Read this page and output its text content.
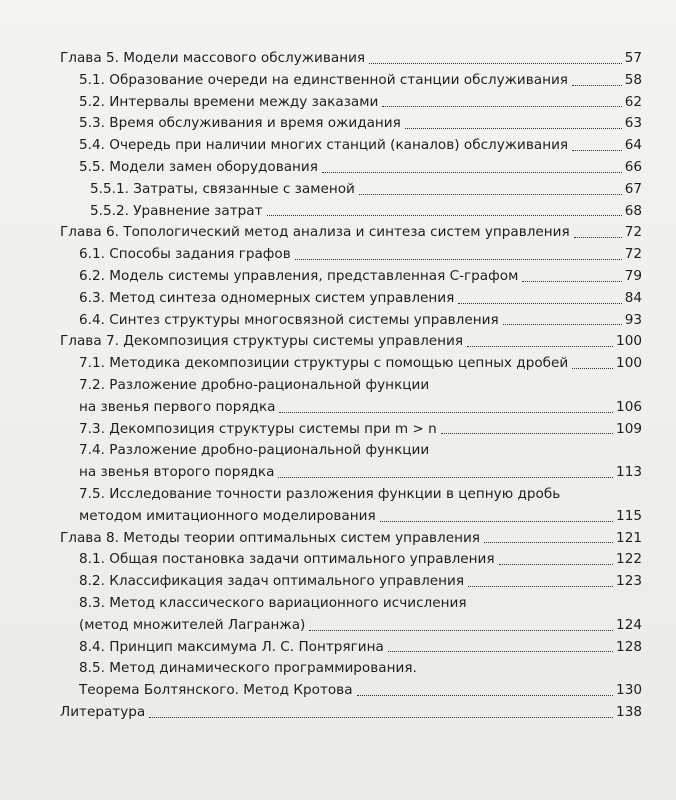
Глава 5. Модели массового обслуживания	57
5.1. Образование очереди на единственной станции обслуживания	58
5.2. Интервалы времени между заказами	62
5.3. Время обслуживания и время ожидания	63
5.4. Очередь при наличии многих станций (каналов) обслуживания	64
5.5. Модели замен оборудования	66
5.5.1. Затраты, связанные с заменой	67
5.5.2. Уравнение затрат	68
Глава 6. Топологический метод анализа и синтеза систем управления	72
6.1. Способы задания графов	72
6.2. Модель системы управления, представленная С-графом	79
6.3. Метод синтеза одномерных систем управления	84
6.4. Синтез структуры многосвязной системы управления	93
Глава 7. Декомпозиция структуры системы управления	100
7.1. Методика декомпозиции структуры с помощью цепных дробей	100
7.2. Разложение дробно-рациональной функции
на звенья первого порядка	106
7.3. Декомпозиция структуры системы при m > n	109
7.4. Разложение дробно-рациональной функции
на звенья второго порядка	113
7.5. Исследование точности разложения функции в цепную дробь
методом имитационного моделирования	115
Глава 8. Методы теории оптимальных систем управления	121
8.1. Общая постановка задачи оптимального управления	122
8.2. Классификация задач оптимального управления	123
8.3. Метод классического вариационного исчисления
(метод множителей Лагранжа)	124
8.4. Принцип максимума Л. С. Понтрягина	128
8.5. Метод динамического программирования.
Теорема Болтянского. Метод Кротова	130
Литература	138
